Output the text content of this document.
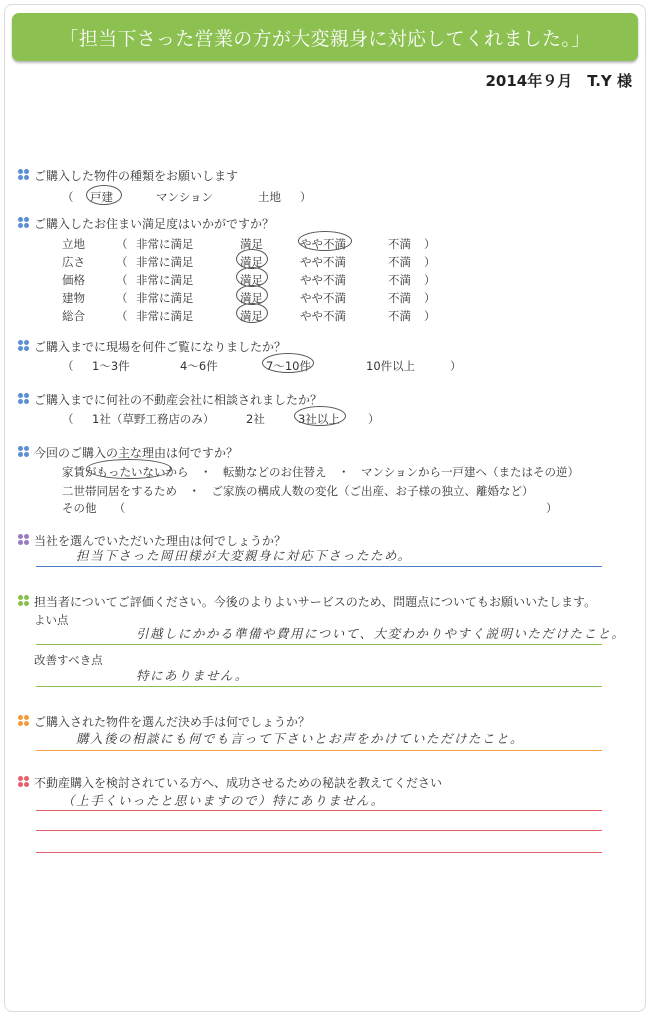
「担当下さった営業の方が大変親身に対応してくれました。」
2014年９月　T.Y 様
ご購入した物件の種類をお願いします
（ 戸建	マンション	土地 ）
ご購入したお住まい満足度はいかがですか？
立地	（ 非常に満足	満足	やや不満	不満 ）
広さ	（ 非常に満足	満足	やや不満	不満 ）
価格	（ 非常に満足	満足	やや不満	不満 ）
建物	（ 非常に満足	満足	やや不満	不満 ）
総合	（ 非常に満足	満足	やや不満	不満 ）
ご購入までに現場を何件ご覧になりましたか？
（ 1～3件	4～6件	7～10件	10件以上	）
ご購入までに何社の不動産会社に相談されましたか？
（ 1社（草野工務店のみ）	2社	3社以上 ）
今回のご購入の主な理由は何ですか？
家賃がもったいないから　・　転勤などのお住替え　・　マンションから一戸建へ（またはその逆）
二世帯同居をするため　・　ご家族の構成人数の変化（ご出産、お子様の独立、離婚など）
その他　　（	）
当社を選んでいただいた理由は何でしょうか？
担当下さった岡田様が大変親身に対応下さったため。
担当者についてご評価ください。今後のよりよいサービスのため、問題点についてもお願いいたします。
よい点
引越しにかかる準備や費用について、大変わかりやすく説明いただけたこと。
改善すべき点
特にありません。
ご購入された物件を選んだ決め手は何でしょうか？
購入後の相談にも何でも言って下さいとお声をかけていただけたこと。
不動産購入を検討されている方へ、成功させるための秘訣を教えてください
（上手くいったと思いますので）特にありません。
